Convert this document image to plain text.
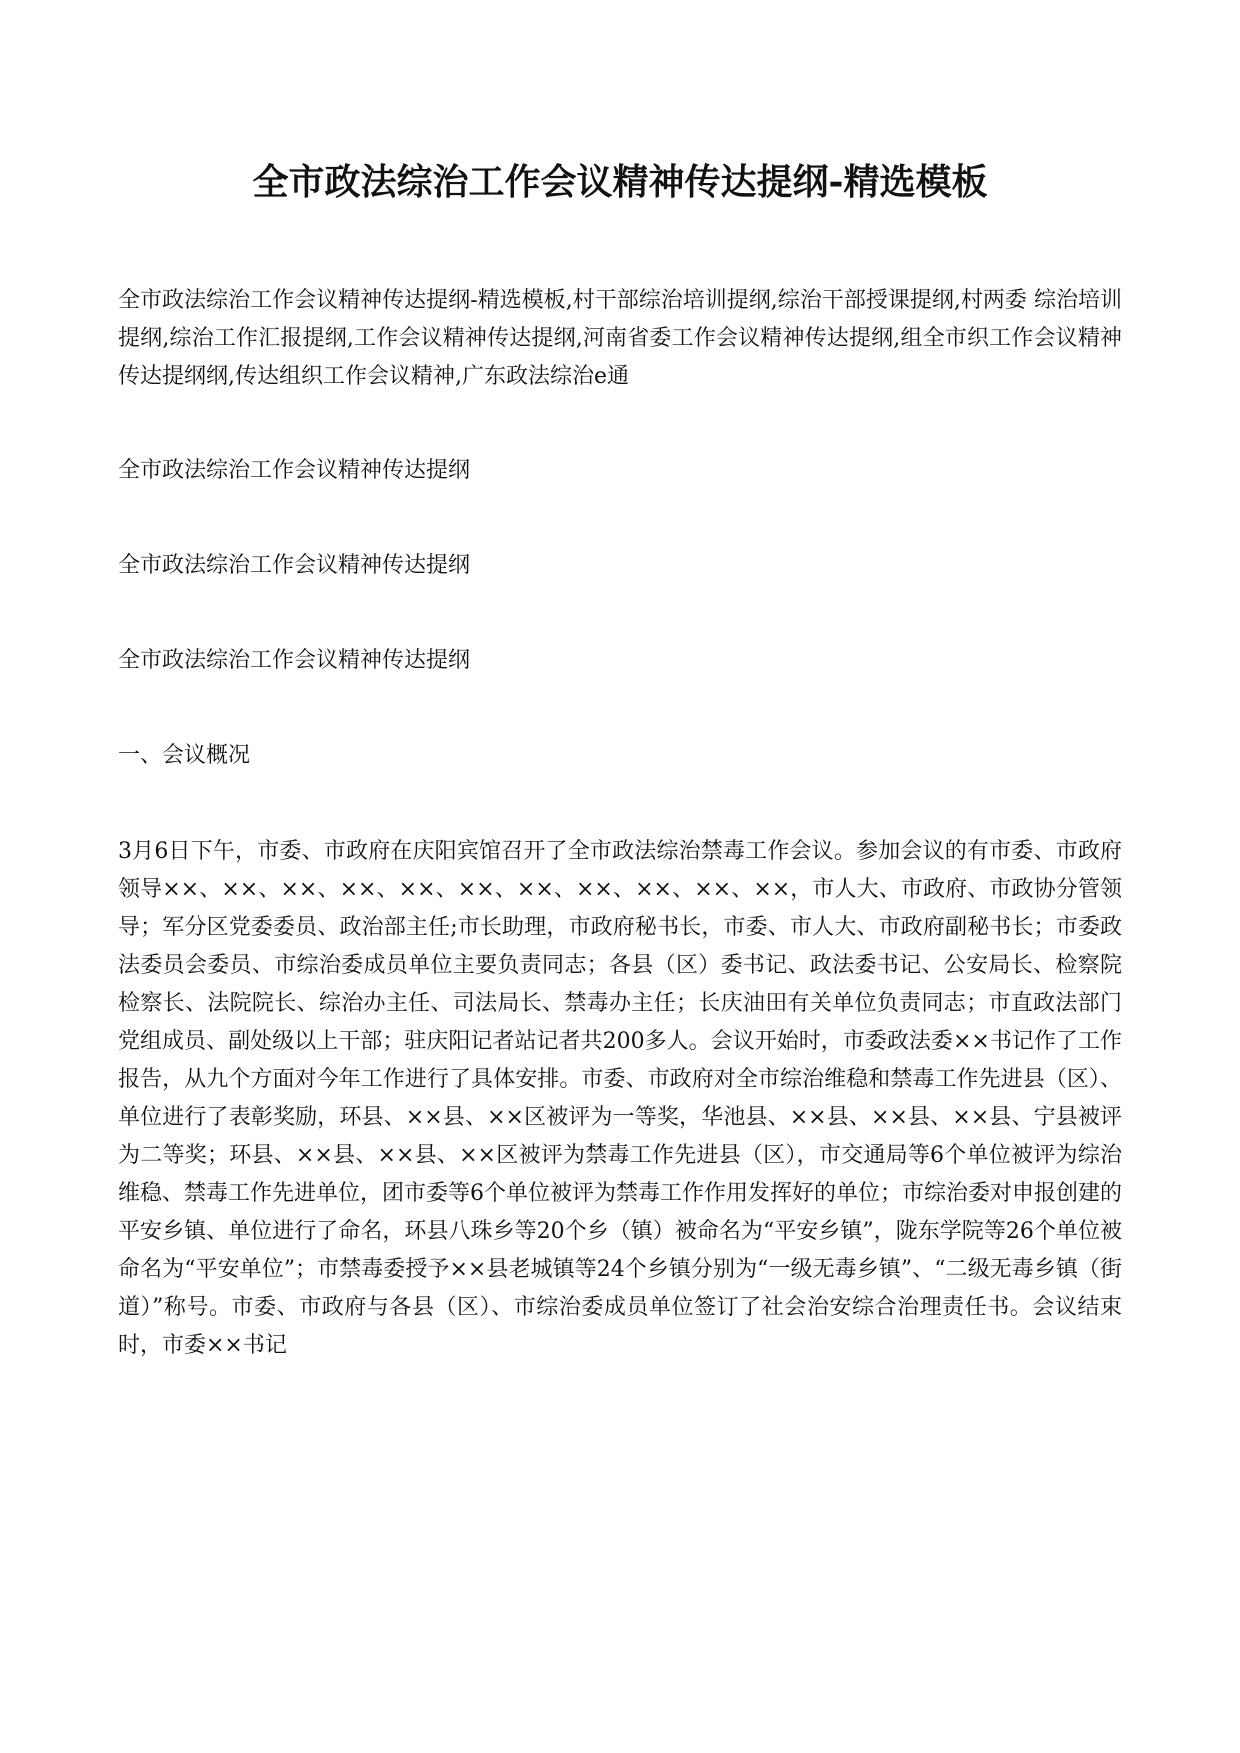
全市政法综治工作会议精神传达提纲-精选模板

全市政法综治工作会议精神传达提纲-精选模板,村干部综治培训提纲,综治干部授课提纲,村两委 综治培训提纲,综治工作汇报提纲,工作会议精神传达提纲,河南省委工作会议精神传达提纲,组全市织工作会议精神传达提纲纲,传达组织工作会议精神,广东政法综治e通

全市政法综治工作会议精神传达提纲

全市政法综治工作会议精神传达提纲

全市政法综治工作会议精神传达提纲

一、会议概况

3月6日下午，市委、市政府在庆阳宾馆召开了全市政法综治禁毒工作会议。参加会议的有市委、市政府领导××、××、××、××、××、××、××、××、××、××、××，市人大、市政府、市政协分管领导；军分区党委委员、政治部主任;市长助理，市政府秘书长，市委、市人大、市政府副秘书长；市委政法委员会委员、市综治委成员单位主要负责同志；各县（区）委书记、政法委书记、公安局长、检察院检察长、法院院长、综治办主任、司法局长、禁毒办主任；长庆油田有关单位负责同志；市直政法部门党组成员、副处级以上干部；驻庆阳记者站记者共200多人。会议开始时，市委政法委××书记作了工作报告，从九个方面对今年工作进行了具体安排。市委、市政府对全市综治维稳和禁毒工作先进县（区）、单位进行了表彰奖励，环县、××县、××区被评为一等奖，华池县、××县、××县、××县、宁县被评为二等奖；环县、××县、××县、××区被评为禁毒工作先进县（区），市交通局等6个单位被评为综治维稳、禁毒工作先进单位，团市委等6个单位被评为禁毒工作作用发挥好的单位；市综治委对申报创建的平安乡镇、单位进行了命名，环县八珠乡等20个乡（镇）被命名为“平安乡镇”，陇东学院等26个单位被命名为“平安单位”；市禁毒委授予××县老城镇等24个乡镇分别为“一级无毒乡镇”、“二级无毒乡镇（街道）”称号。市委、市政府与各县（区）、市综治委成员单位签订了社会治安综合治理责任书。会议结束时，市委××书记
